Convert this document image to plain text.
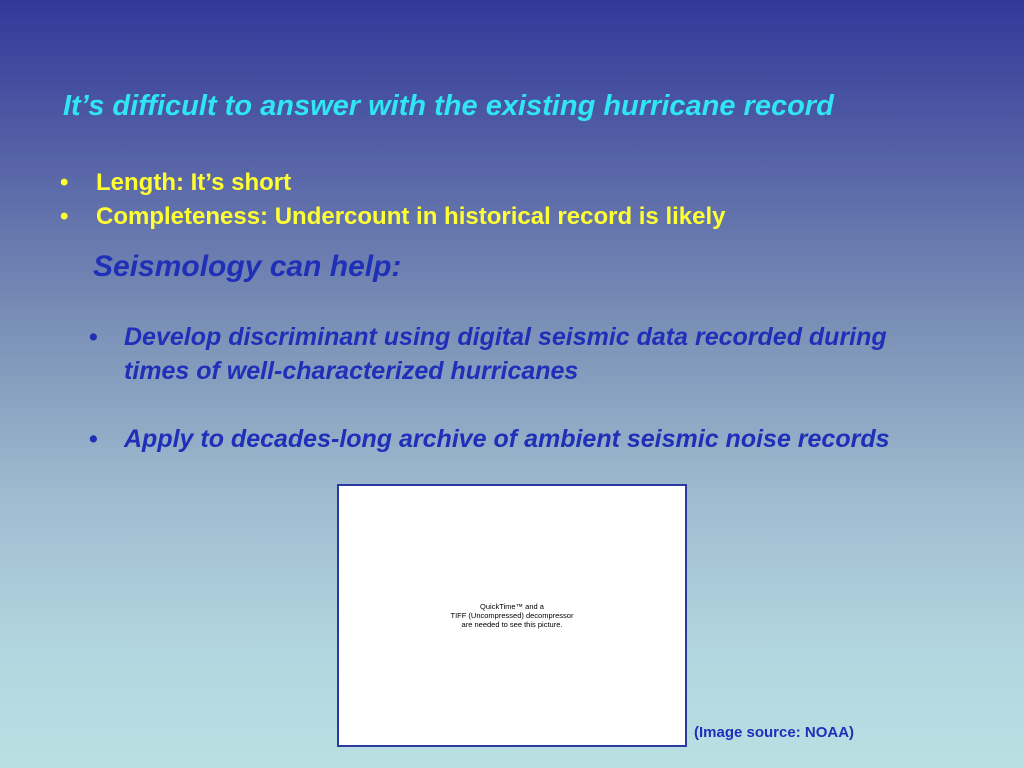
It’s difficult to answer with the existing hurricane record
• Length: It’s short
• Completeness: Undercount in historical record is likely
Seismology can help:
• Develop discriminant using digital seismic data recorded during times of well-characterized hurricanes
• Apply to decades-long archive of ambient seismic noise records
QuickTime™ and a
TIFF (Uncompressed) decompressor
are needed to see this picture.

(Image source: NOAA)
